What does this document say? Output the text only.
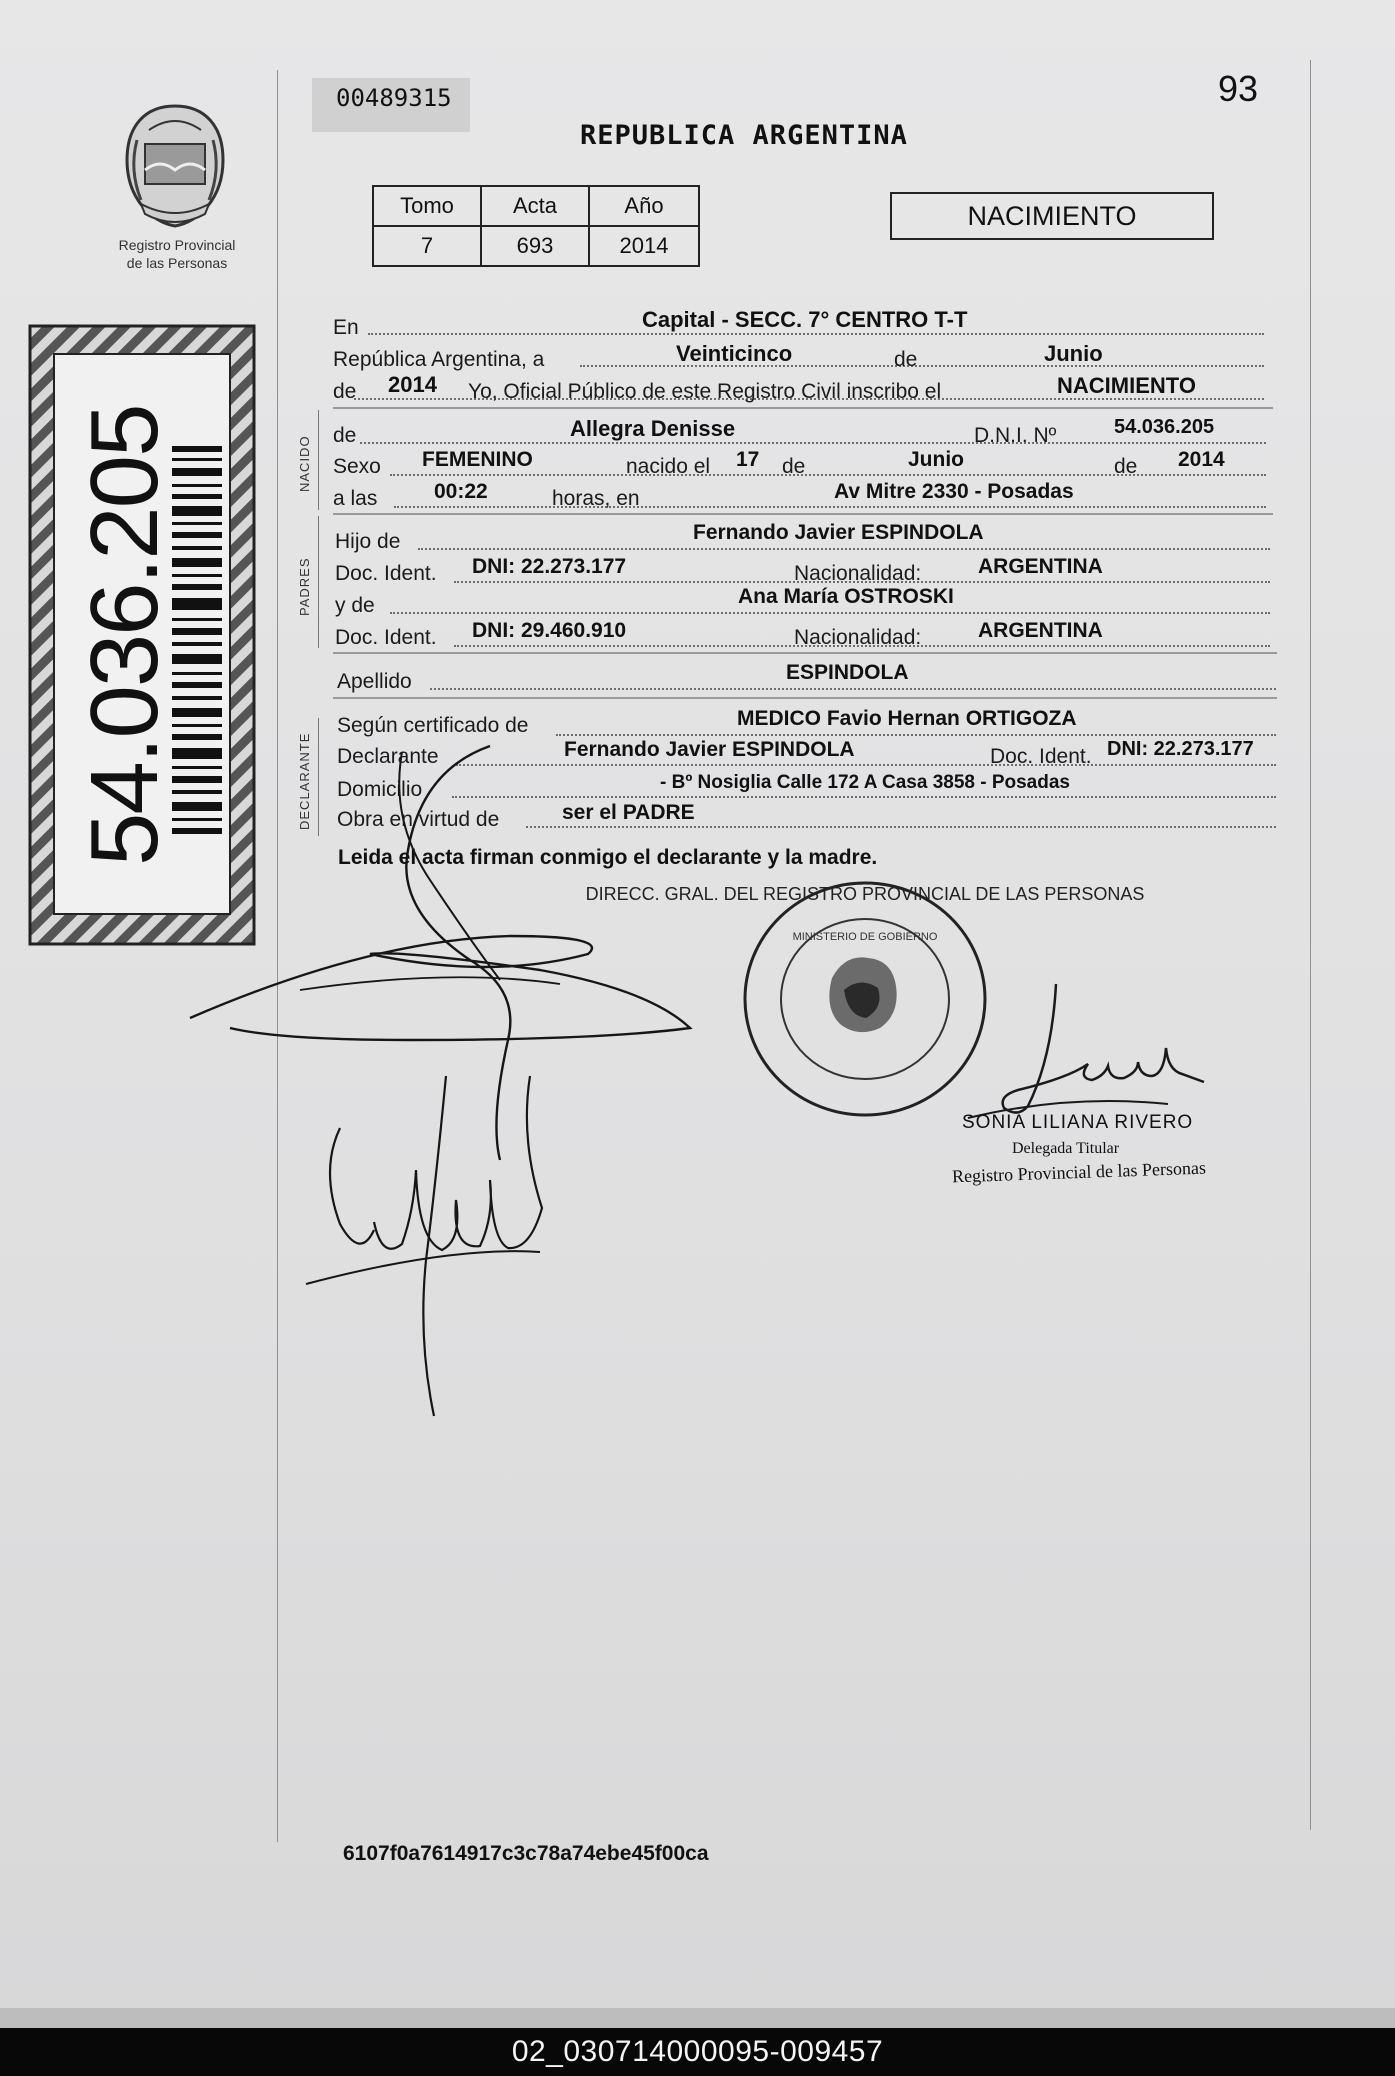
Registro Provincial
de las Personas
54.036.205
00489315	93
REPUBLICA ARGENTINA
Tomo	Acta	Año
7	693	2014
NACIMIENTO
En	Capital - SECC. 7° CENTRO T-T
República Argentina, a	Veinticinco	de	Junio
de 2014 Yo, Oficial Público de este Registro Civil inscribo el	NACIMIENTO
NACIDO de	Allegra Denisse	D.N.I. Nº	54.036.205
Sexo FEMENINO	nacido el 17 de	Junio	de 2014
a las	00:22	horas, en	Av Mitre 2330 - Posadas
PADRES
Hijo de	Fernando Javier ESPINDOLA
Doc. Ident. DNI: 22.273.177	Nacionalidad:	ARGENTINA
y de	Ana María OSTROSKI
Doc. Ident. DNI: 29.460.910	Nacionalidad:	ARGENTINA
Apellido	ESPINDOLA
DECLARANTE
Según certificado de	MEDICO Favio Hernan ORTIGOZA
Declarante	Fernando Javier ESPINDOLA	Doc. Ident. DNI: 22.273.177
Domicilio	- Bº Nosiglia Calle 172 A Casa 3858 - Posadas
Obra en virtud de	ser el PADRE
Leida el acta firman conmigo el declarante y la madre.
DIRECC. GRAL. DEL REGISTRO PROVINCIAL DE LAS PERSONAS
MINISTERIO DE GOBIERNO
SONIA LILIANA RIVERO
Delegada Titular
Registro Provincial de las Personas
6107f0a7614917c3c78a74ebe45f00ca
02_030714000095-009457
